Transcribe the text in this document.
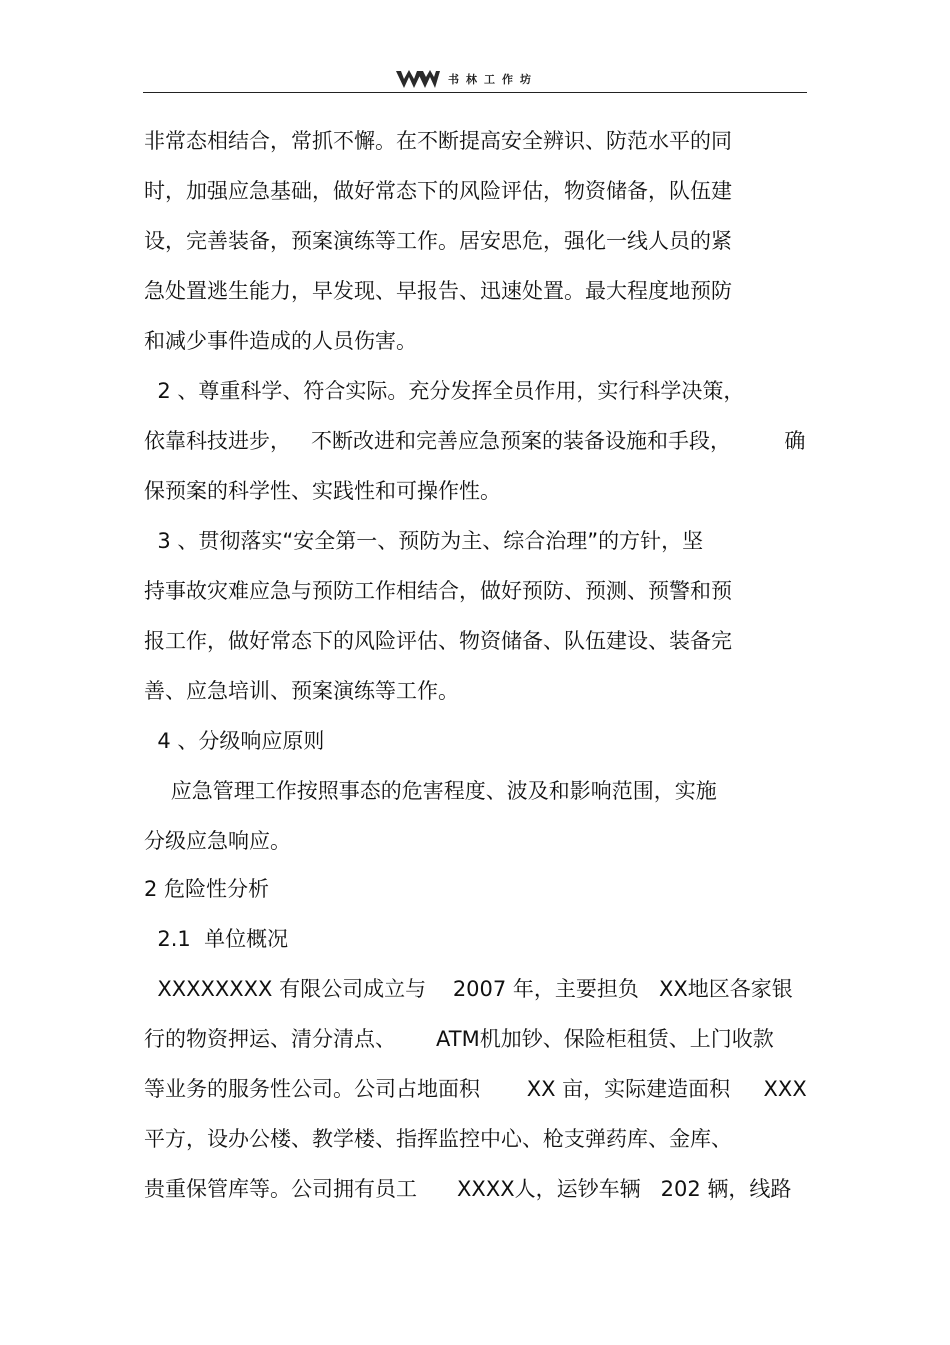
书林工作坊
非常态相结合，常抓不懈。在不断提高安全辨识、防范水平的同
时，加强应急基础，做好常态下的风险评估，物资储备，队伍建
设，完善装备，预案演练等工作。居安思危，强化一线人员的紧
急处置逃生能力，早发现、早报告、迅速处置。最大程度地预防
和减少事件造成的人员伤害。
2 、尊重科学、符合实际。充分发挥全员作用，实行科学决策，
依靠科技进步，   不断改进和完善应急预案的装备设施和手段，        确
保预案的科学性、实践性和可操作性。
3 、贯彻落实“安全第一、预防为主、综合治理”的方针，坚
持事故灾难应急与预防工作相结合，做好预防、预测、预警和预
报工作，做好常态下的风险评估、物资储备、队伍建设、装备完
善、应急培训、预案演练等工作。
4 、分级响应原则
应急管理工作按照事态的危害程度、波及和影响范围，实施
分级应急响应。
2 危险性分析
2.1  单位概况
XXXXXXXX 有限公司成立与    2007 年，主要担负   XX地区各家银
行的物资押运、清分清点、      ATM机加钞、保险柜租赁、上门收款
等业务的服务性公司。公司占地面积       XX 亩，实际建造面积     XXX
平方，设办公楼、教学楼、指挥监控中心、枪支弹药库、金库、
贵重保管库等。公司拥有员工      XXXX人，运钞车辆   202 辆，线路
